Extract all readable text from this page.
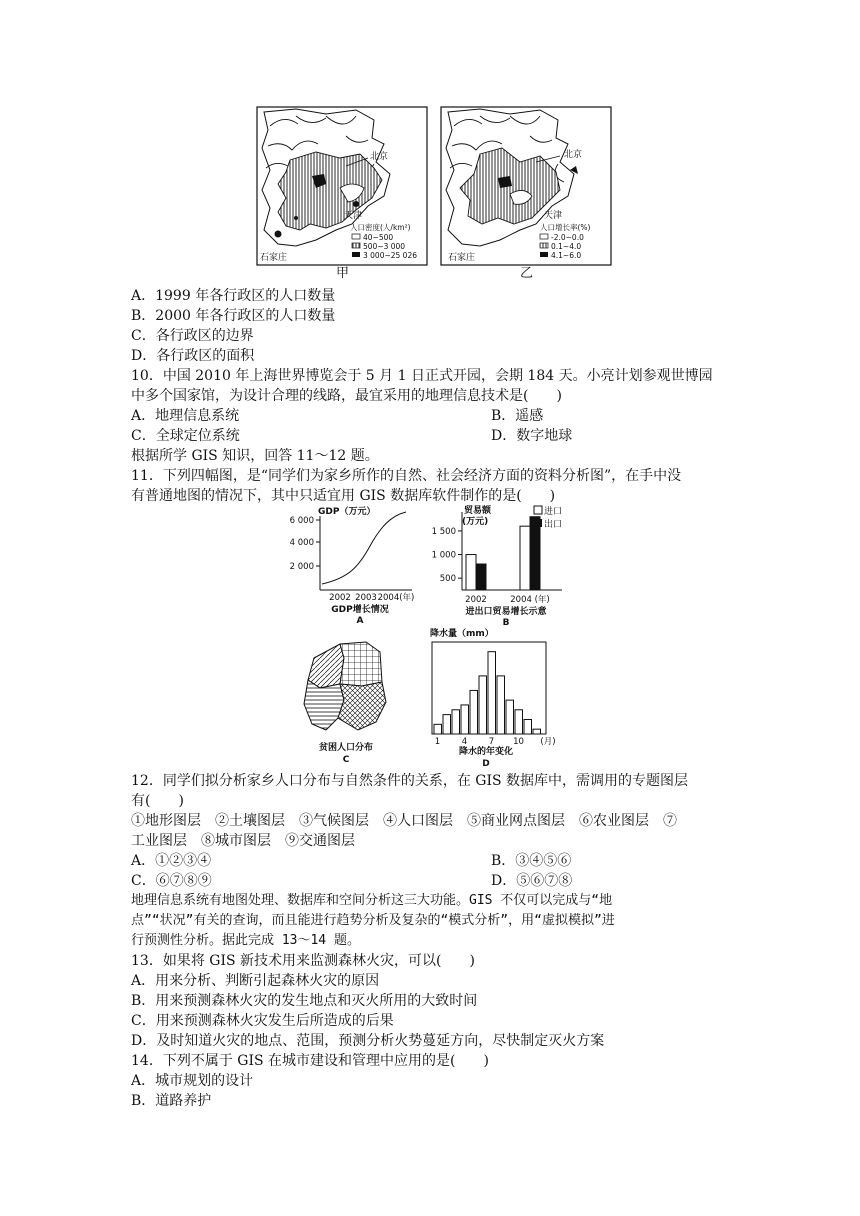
北京
天津
石家庄
人口密度(人/km²)
40~500
500~3 000
3 000~25 026
甲
北京
天津
石家庄
人口增长率(%)
-2.0~0.0
0.1~4.0
4.1~6.0
乙
A．1999 年各行政区的人口数量
B．2000 年各行政区的人口数量
C．各行政区的边界
D．各行政区的面积
10．中国 2010 年上海世界博览会于 5 月 1 日正式开园，会期 184 天。小亮计划参观世博园
中多个国家馆，为设计合理的线路，最宜采用的地理信息技术是(　　)
A．地理信息系统	B．遥感
C．全球定位系统	D．数字地球
根据所学 GIS 知识，回答 11～12 题。
11．下列四幅图，是“同学们为家乡所作的自然、社会经济方面的资料分析图”，在手中没
有普通地图的情况下，其中只适宜用 GIS 数据库软件制作的是(　　)
GDP（万元）
2 000
4 000
6 000
2002 2003 2004(年)
GDP增长情况
A
贸易额
(万元)
500
1 000
1 500
进口
出口
2002	2004 (年)
进出口贸易增长示意
B
贫困人口分布
C
降水量（mm）
1	4	7 10 (月)
降水的年变化
D
12．同学们拟分析家乡人口分布与自然条件的关系，在 GIS 数据库中，需调用的专题图层
有(　　)
①地形图层　②土壤图层　③气候图层　④人口图层　⑤商业网点图层　⑥农业图层　⑦
工业图层　⑧城市图层　⑨交通图层
A．①②③④	B．③④⑤⑥
C．⑥⑦⑧⑨	D．⑤⑥⑦⑧
地理信息系统有地图处理、数据库和空间分析这三大功能。GIS 不仅可以完成与“地
点”“状况”有关的查询，而且能进行趋势分析及复杂的“模式分析”，用“虚拟模拟”进
行预测性分析。据此完成 13～14 题。
13．如果将 GIS 新技术用来监测森林火灾，可以(　　)
A．用来分析、判断引起森林火灾的原因
B．用来预测森林火灾的发生地点和灭火所用的大致时间
C．用来预测森林火灾发生后所造成的后果
D．及时知道火灾的地点、范围，预测分析火势蔓延方向，尽快制定灭火方案
14．下列不属于 GIS 在城市建设和管理中应用的是(　　)
A．城市规划的设计
B．道路养护
